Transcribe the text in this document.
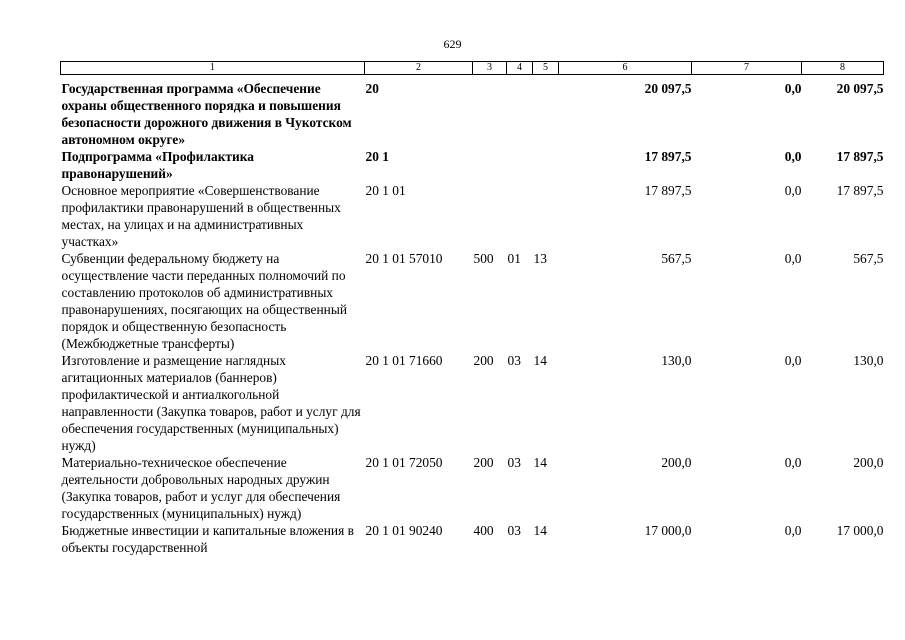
629
1	2	3	4	5	6	7	8
Государственная программа «Обеспечение охраны общественного порядка и повышения безопасности дорожного движения в Чукотском автономном округе»	20				20 097,5	0,0	20 097,5
Подпрограмма «Профилактика правонарушений»	20 1				17 897,5	0,0	17 897,5
Основное мероприятие «Совершенствование профилактики правонарушений в общественных местах, на улицах и на административных участках»	20 1 01				17 897,5	0,0	17 897,5
Субвенции федеральному бюджету на осуществление части переданных полномочий по составлению протоколов об административных правонарушениях, посягающих на общественный порядок и общественную безопасность (Межбюджетные трансферты)	20 1 01 57010	500	01	13	567,5	0,0	567,5
Изготовление и размещение наглядных агитационных материалов (баннеров) профилактической и антиалкогольной направленности (Закупка товаров, работ и услуг для обеспечения государственных (муниципальных) нужд)	20 1 01 71660	200	03	14	130,0	0,0	130,0
Материально-техническое обеспечение деятельности добровольных народных дружин (Закупка товаров, работ и услуг для обеспечения государственных (муниципальных) нужд)	20 1 01 72050	200	03	14	200,0	0,0	200,0
Бюджетные инвестиции и капитальные вложения в объекты государственной	20 1 01 90240	400	03	14	17 000,0	0,0	17 000,0
